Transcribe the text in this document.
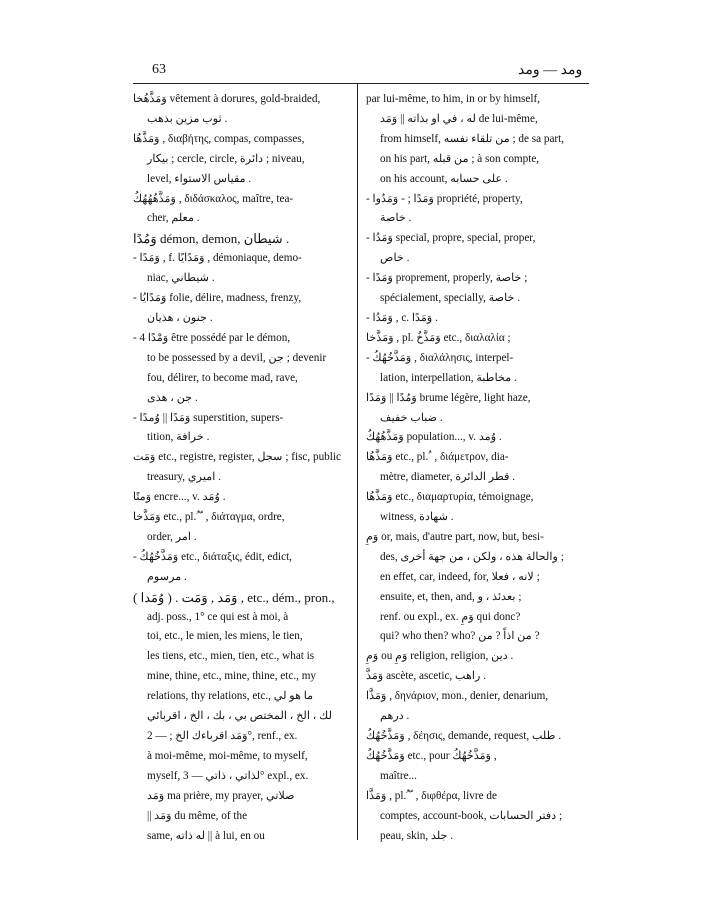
63	ومد — ومد

وَمَذَّهُخا vêtement à dorures, gold-braided,

ثوب مزين بذهب .

وَمَذَّهُا , διαβήτης, compas, compasses,

بيكار ; cercle, circle, دائرة ; niveau,

level, مقياس الاستواء .

وَمَذَّهُهُهُكُ , διδάσκαλος, maître, tea-

cher, معلم .

وَمُدًا démon, demon, شيطان .

- وَمَدًا , f. وَمَدًايًا , démoniaque, demo-

niac, شيطاني .

- وَمَدًايُا folie, délire, madness, frenzy,

جنون ، هذيان .

- 4 وَمْدًا être possédé par le démon,

to be possessed by a devil, جن ; devenir

fou, délirer, to become mad, rave,

جن ، هذى .

- وَمَدًا || وُمدًا superstition, supers-

tition, خرافة .

وَمَت etc., registre, register, سجل ; fisc, public

treasury, اميري .

وَمتًا encre..., v. وُمَد .

وَمَذَّخا etc., pl. ُ ّ , διάταγμα, ordre,

order, امر .

- وَمَذَّخُهُكُ etc., διάταξις, édit, edict,

مرسوم .

( وُمَدا ) . وَمَد , وَمَت , etc., dém., pron.,

adj. poss., 1° ce qui est à moi, à

toi, etc., le mien, les miens, le tien,

les tiens, etc., mien, tien, etc., what is

mine, thine, etc., mine, thine, etc., my

relations, thy relations, etc., ما هو لي

لك ، الخ ، المختص بي ، بك ، الخ ، اقربائي

وَمَد اقرباءك الخ ; — 2°, renf., ex.

à moi-même, moi-même, to myself,

myself, لذاتي ، ذاتي — 3° expl., ex.

وَمَد ma prière, my prayer, صلاتي

|| وَمَد du même, of the

same, له ذاته || à lui, en ou

par lui-même, to him, in or by himself,

له ، في او بذاته || وَمَد de lui-même,

from himself, من تلقاء نفسه ; de sa part,

on his part, من قبله ; à son compte,

on his account, على حسابه .

- وَمَدًا ; - وَمَدُوا propriété, property,

خاصة .

- وَمَدُا special, propre, special, proper,

خاص .

- وَمَدًا proprement, properly, خاصة ;

spécialement, specially, خاصة .

- وَمَدُا , c. وَمَدًا .

وَمَذَّخا , pl. وَمَذَّخُ etc., διαλαλία ;

- وَمَذَّخُهُكُ , διαλάλησις, interpel-

lation, interpellation, مخاطبة .

وَمُدًا || وَمَدًا brume légère, light haze,

ضباب خفيف .

وَمَذَّهُهُكُ population..., v. وُمد .

وَمَذَّهُا etc., pl. ُ , διάμετρον, dia-

mètre, diameter, قطر الدائرة .

وَمَذَّهُا etc., διαμαρτυρία, témoignage,

witness, شهادة .

وَمِ or, mais, d'autre part, now, but, besi-

des, والحالة هذه ، ولكن ، من جهة أخرى ;

en effet, car, indeed, for, لانه ، فعلا ;

ensuite, et, then, and, بعدئذ ، و ;

renf. ou expl., ex. وَمِ qui donc?

qui? who then? who? من اذاً ? من ?

وَمِ ou وَمِ religion, religion, دين .

وَمَذَّ ascète, ascetic, راهب .

وَمَذَّا , δηνάριον, mon., denier, denarium,

درهم .

وَمَذَّخُهُكُ , δέησις, demande, request, طلب .

وَمَذَّخُهُكُ etc., pour وَمَذَّخُهُكُ ,

maître...

وَمَذَّا , pl. ُ ّ , διφθέρα, livre de

comptes, account-book, دفتر الحسابات ;

peau, skin, جلد .
